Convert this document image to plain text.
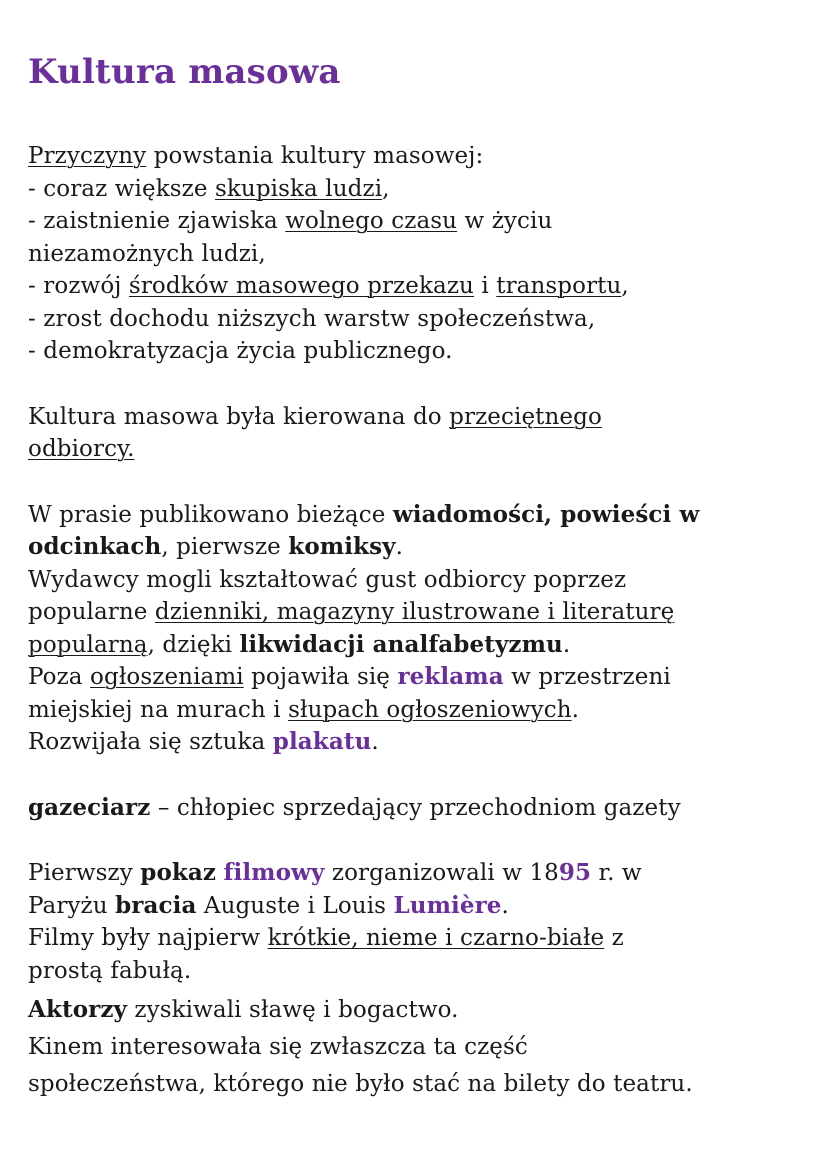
Kultura masowa
Przyczyny powstania kultury masowej:
- coraz większe skupiska ludzi,
- zaistnienie zjawiska wolnego czasu w życiu
niezamożnych ludzi,
- rozwój środków masowego przekazu i transportu,
- zrost dochodu niższych warstw społeczeństwa,
- demokratyzacja życia publicznego.
Kultura masowa była kierowana do przeciętnego
odbiorcy.
W prasie publikowano bieżące wiadomości, powieści w
odcinkach, pierwsze komiksy.
Wydawcy mogli kształtować gust odbiorcy poprzez
popularne dzienniki, magazyny ilustrowane i literaturę
popularną, dzięki likwidacji analfabetyzmu.
Poza ogłoszeniami pojawiła się reklama w przestrzeni
miejskiej na murach i słupach ogłoszeniowych.
Rozwijała się sztuka plakatu.
gazeciarz – chłopiec sprzedający przechodniom gazety
Pierwszy pokaz filmowy zorganizowali w 1895 r. w
Paryżu bracia Auguste i Louis Lumière.
Filmy były najpierw krótkie, nieme i czarno-białe z
prostą fabułą.
Aktorzy zyskiwali sławę i bogactwo.
Kinem interesowała się zwłaszcza ta część
społeczeństwa, którego nie było stać na bilety do teatru.
